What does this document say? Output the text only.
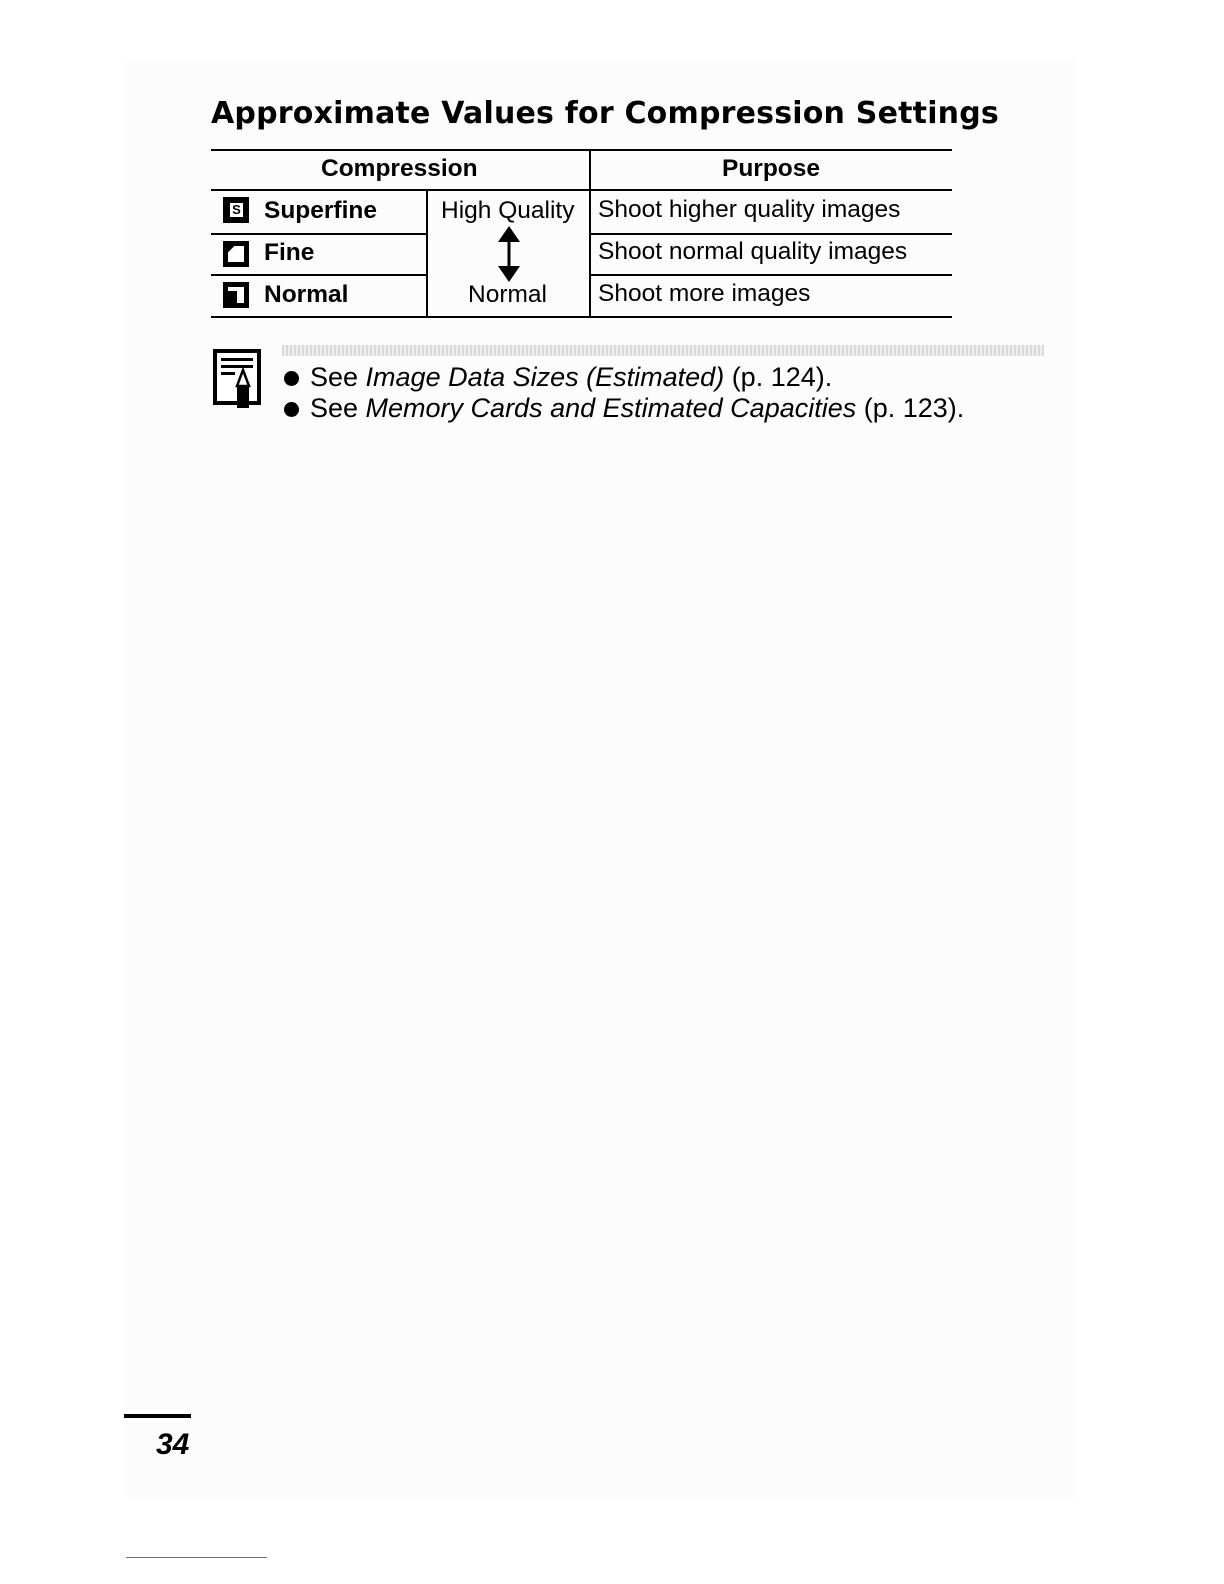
Approximate Values for Compression Settings
Compression	Purpose
S Superfine	Shoot higher quality images
Fine	Shoot normal quality images
Normal	Shoot more images
High Quality
Normal
See Image Data Sizes (Estimated) (p. 124).
See Memory Cards and Estimated Capacities (p. 123).
34
